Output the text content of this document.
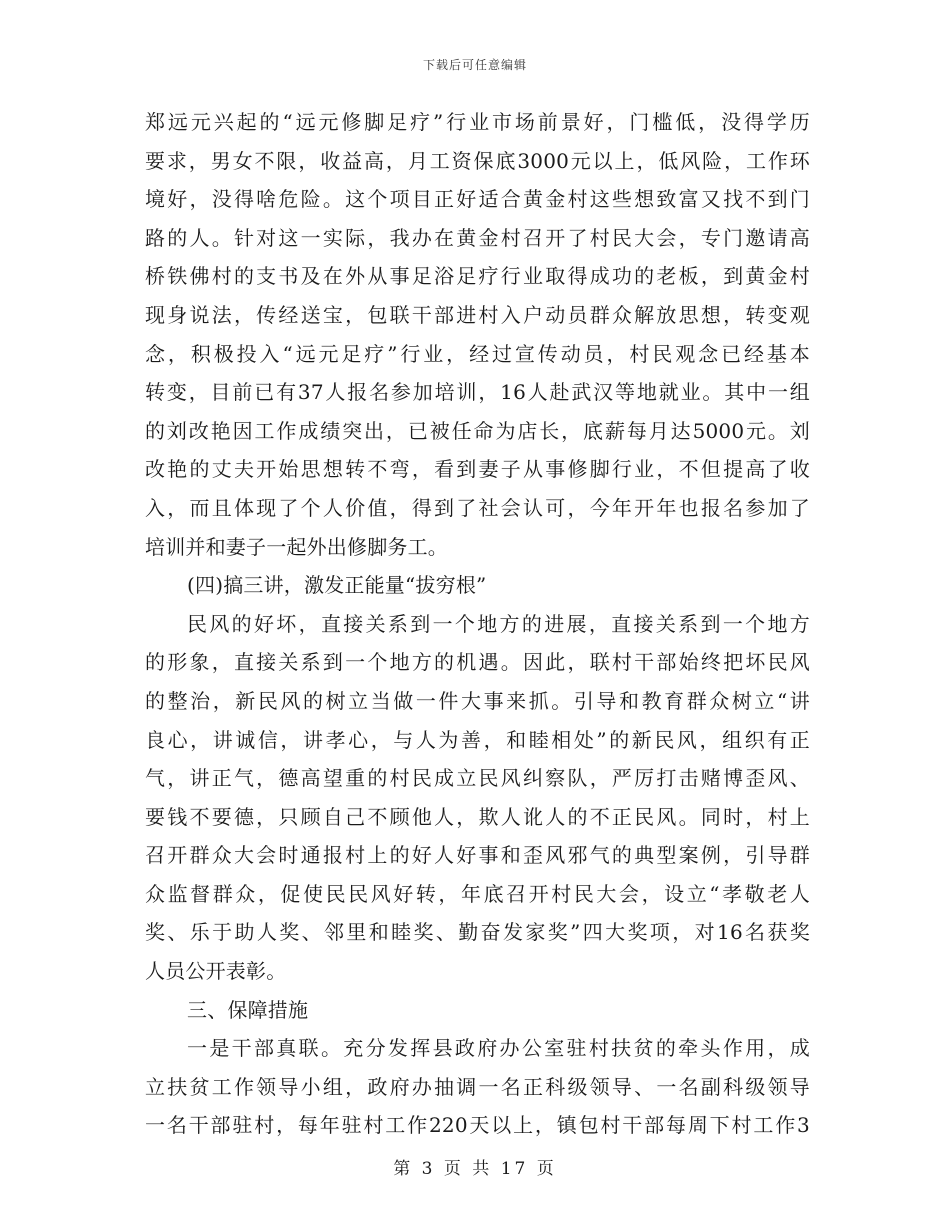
下载后可任意编辑
郑远元兴起的“远元修脚足疗”行业市场前景好，门槛低，没得学历
要求，男女不限，收益高，月工资保底3000元以上，低风险，工作环
境好，没得啥危险。这个项目正好适合黄金村这些想致富又找不到门
路的人。针对这一实际，我办在黄金村召开了村民大会，专门邀请高
桥铁佛村的支书及在外从事足浴足疗行业取得成功的老板，到黄金村
现身说法，传经送宝，包联干部进村入户动员群众解放思想，转变观
念，积极投入“远元足疗”行业，经过宣传动员，村民观念已经基本
转变，目前已有37人报名参加培训，16人赴武汉等地就业。其中一组
的刘改艳因工作成绩突出，已被任命为店长，底薪每月达5000元。刘
改艳的丈夫开始思想转不弯，看到妻子从事修脚行业，不但提高了收
入，而且体现了个人价值，得到了社会认可，今年开年也报名参加了
培训并和妻子一起外出修脚务工。
(四)搞三讲，激发正能量“拔穷根”
民风的好坏，直接关系到一个地方的进展，直接关系到一个地方
的形象，直接关系到一个地方的机遇。因此，联村干部始终把坏民风
的整治，新民风的树立当做一件大事来抓。引导和教育群众树立“讲
良心，讲诚信，讲孝心，与人为善，和睦相处”的新民风，组织有正
气，讲正气，德高望重的村民成立民风纠察队，严厉打击赌博歪风、
要钱不要德，只顾自己不顾他人，欺人讹人的不正民风。同时，村上
召开群众大会时通报村上的好人好事和歪风邪气的典型案例，引导群
众监督群众，促使民民风好转，年底召开村民大会，设立“孝敬老人
奖、乐于助人奖、邻里和睦奖、勤奋发家奖”四大奖项，对16名获奖
人员公开表彰。
三、保障措施
一是干部真联。充分发挥县政府办公室驻村扶贫的牵头作用，成
立扶贫工作领导小组，政府办抽调一名正科级领导、一名副科级领导
一名干部驻村，每年驻村工作220天以上，镇包村干部每周下村工作3
第 3 页 共 17 页
